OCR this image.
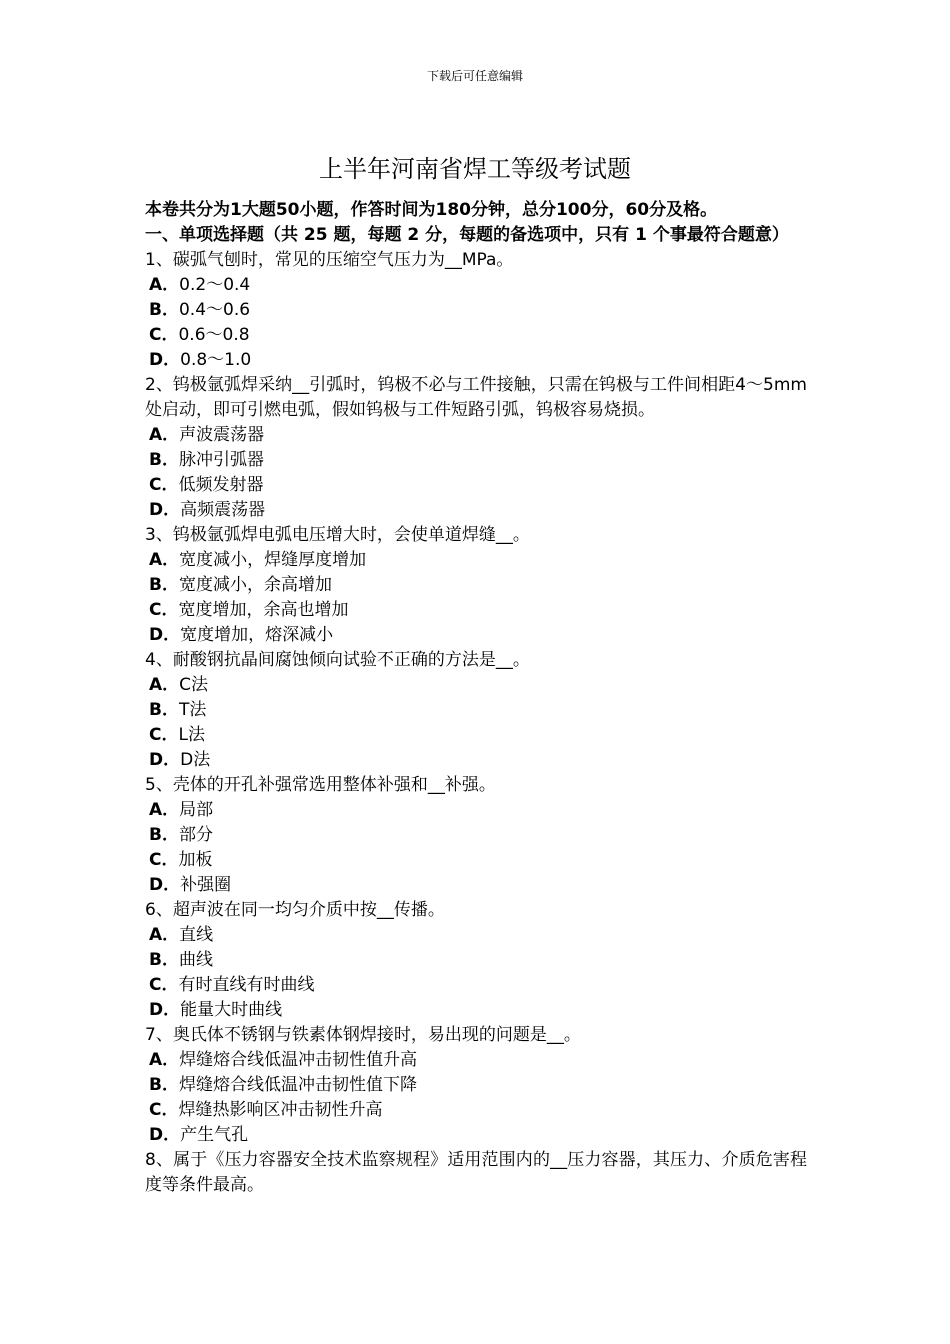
下载后可任意编辑
上半年河南省焊工等级考试题

本卷共分为1大题50小题，作答时间为180分钟，总分100分，60分及格。

一、单项选择题（共 25 题，每题 2 分，每题的备选项中，只有 1 个事最符合题意）

1、碳弧气刨时，常见的压缩空气压力为__MPa。

A．0.2～0.4

B．0.4～0.6

C．0.6～0.8

D．0.8～1.0

2、钨极氩弧焊采纳__引弧时，钨极不必与工件接触，只需在钨极与工件间相距4～5mm处启动，即可引燃电弧，假如钨极与工件短路引弧，钨极容易烧损。

A．声波震荡器

B．脉冲引弧器

C．低频发射器

D．高频震荡器

3、钨极氩弧焊电弧电压增大时，会使单道焊缝__。

A．宽度减小，焊缝厚度增加

B．宽度减小，余高增加

C．宽度增加，余高也增加

D．宽度增加，熔深减小

4、耐酸钢抗晶间腐蚀倾向试验不正确的方法是__。

A．C法

B．T法

C．L法

D．D法

5、壳体的开孔补强常选用整体补强和__补强。

A．局部

B．部分

C．加板

D．补强圈

6、超声波在同一均匀介质中按__传播。

A．直线

B．曲线

C．有时直线有时曲线

D．能量大时曲线

7、奥氏体不锈钢与铁素体钢焊接时，易出现的问题是__。

A．焊缝熔合线低温冲击韧性值升高

B．焊缝熔合线低温冲击韧性值下降

C．焊缝热影响区冲击韧性升高

D．产生气孔

8、属于《压力容器安全技术监察规程》适用范围内的__压力容器，其压力、介质危害程度等条件最高。
